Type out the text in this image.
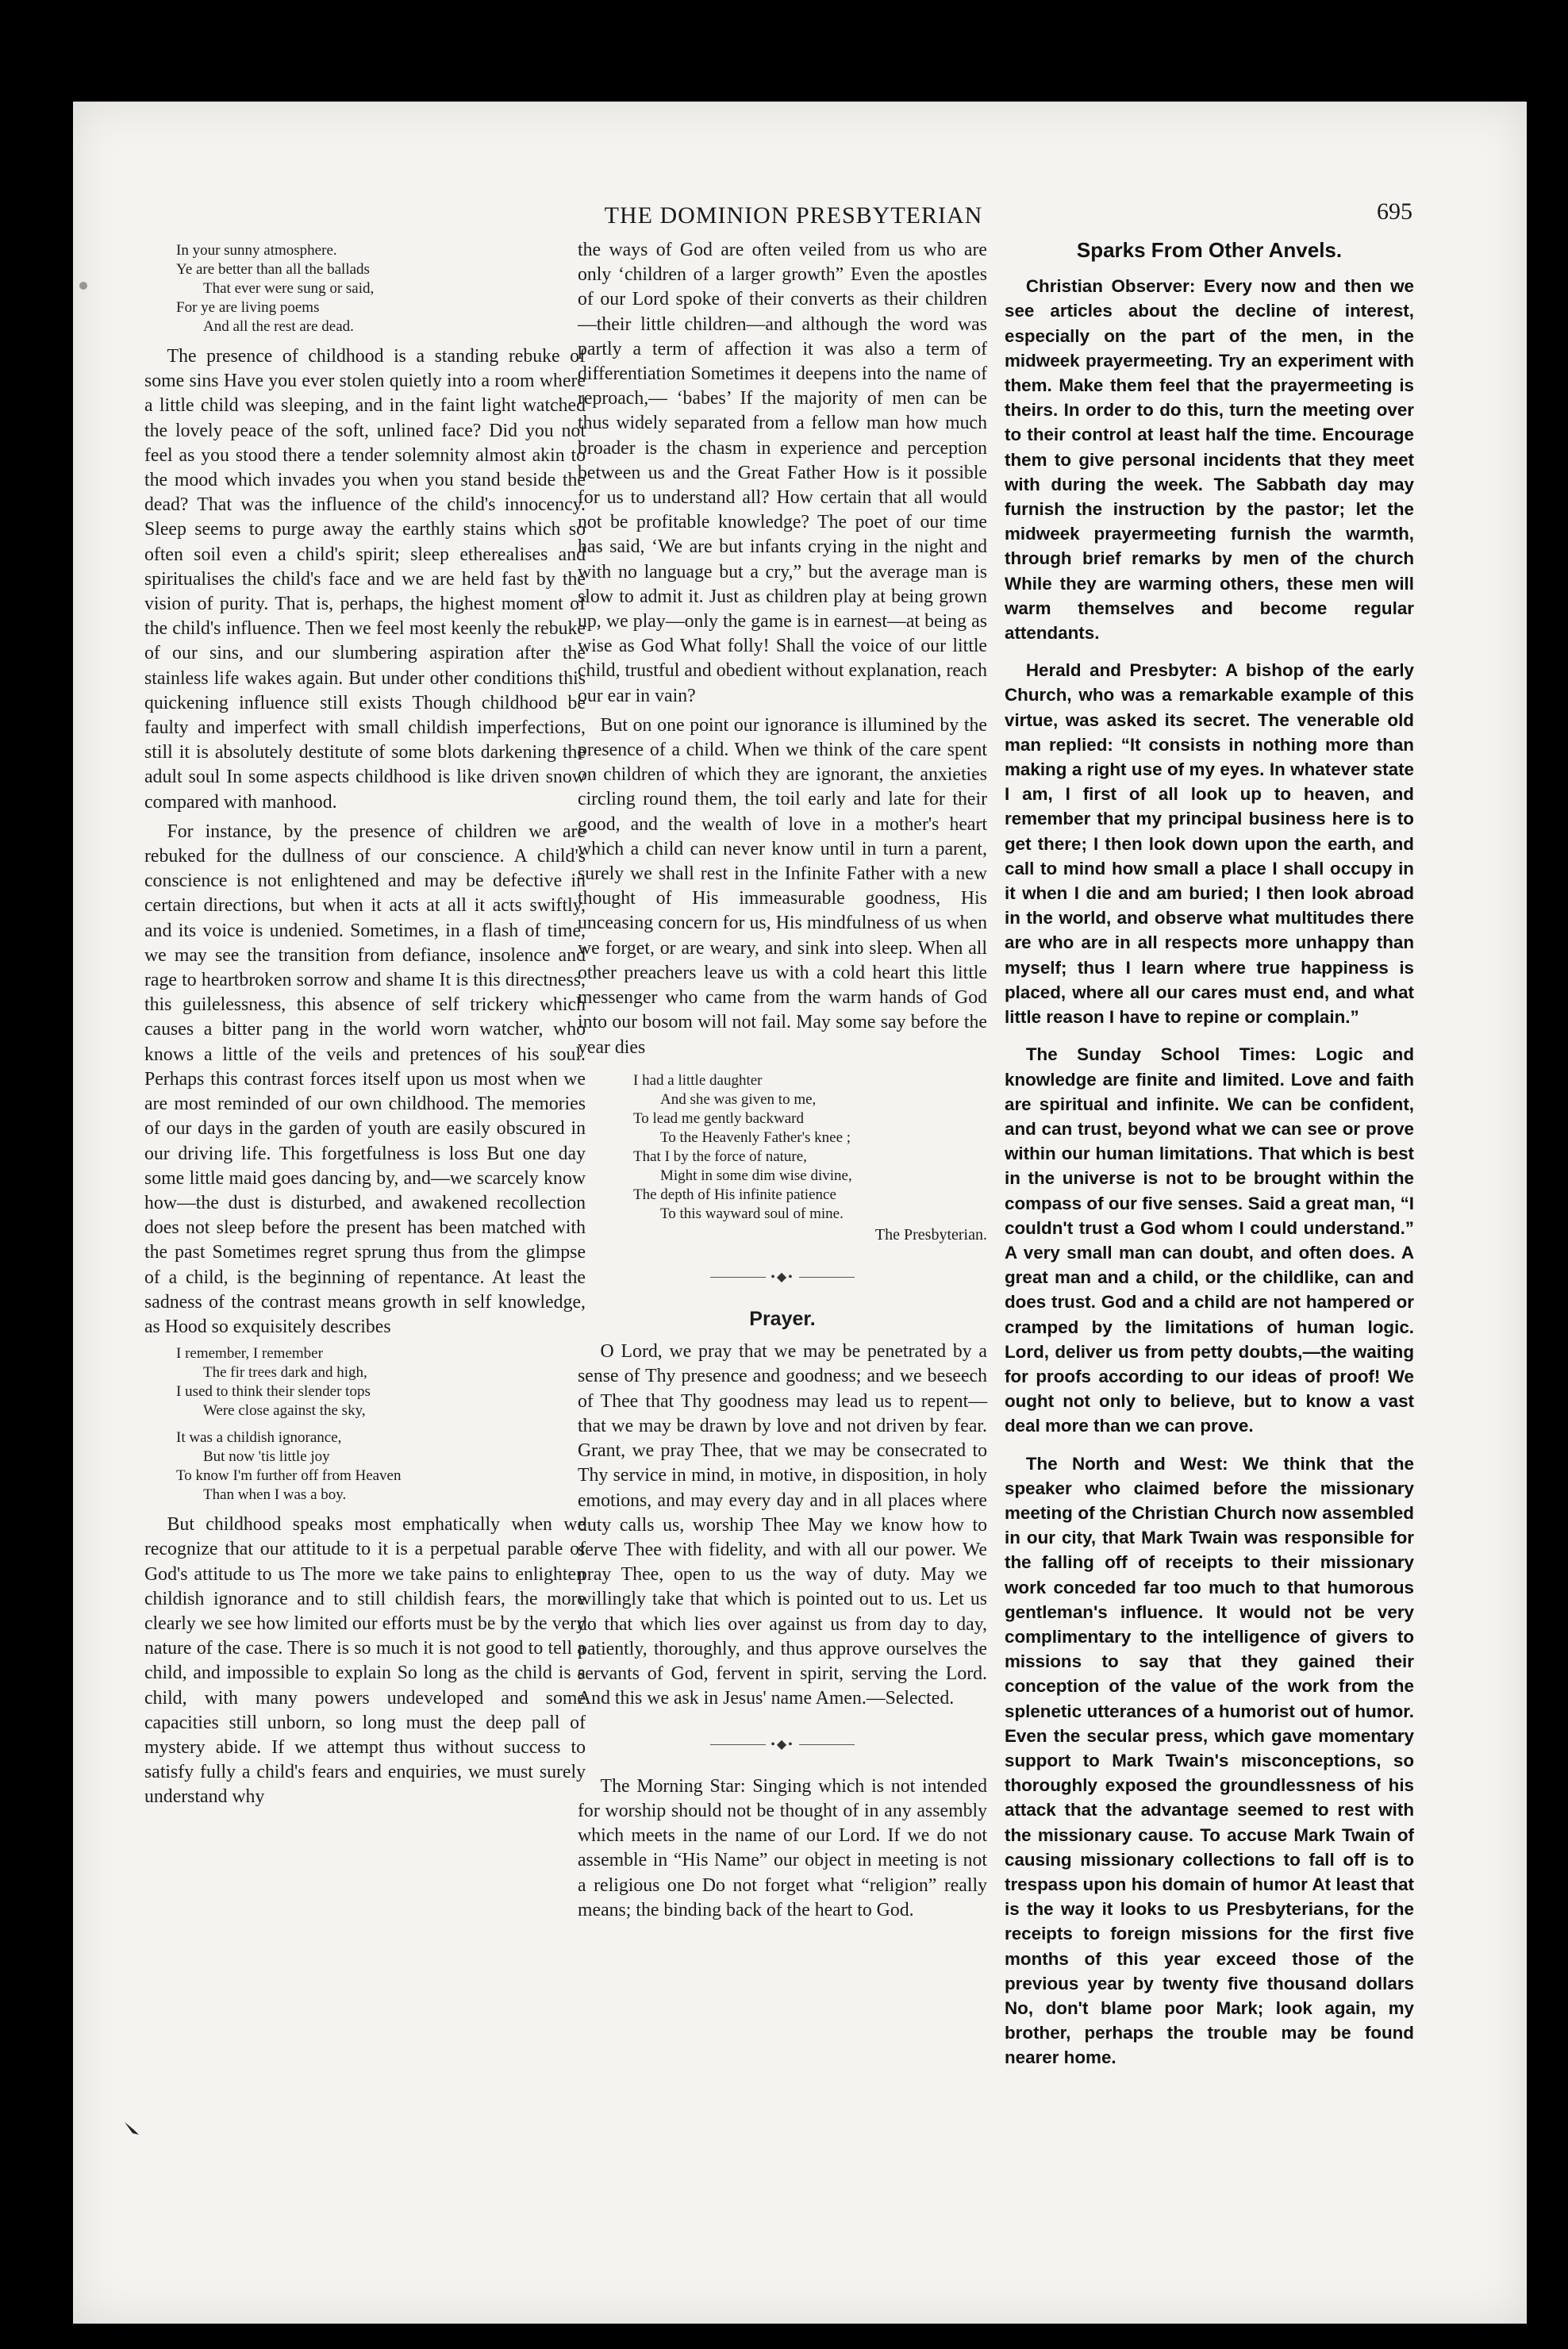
THE DOMINION PRESBYTERIAN	695
In your sunny atmosphere.
Ye are better than all the ballads
That ever were sung or said,
For ye are living poems
And all the rest are dead.

The presence of childhood is a standing rebuke of some sins Have you ever stolen quietly into a room where a little child was sleeping, and in the faint light watched the lovely peace of the soft, unlined face? Did you not feel as you stood there a tender solemnity almost akin to the mood which invades you when you stand beside the dead? That was the influence of the child's innocency. Sleep seems to purge away the earthly stains which so often soil even a child's spirit; sleep etherealises and spiritualises the child's face and we are held fast by the vision of purity. That is, perhaps, the highest moment of the child's influence. Then we feel most keenly the rebuke of our sins, and our slumbering aspiration after the stainless life wakes again. But under other conditions this quickening influence still exists Though childhood be faulty and imperfect with small childish imperfections, still it is absolutely destitute of some blots darkening the adult soul In some aspects childhood is like driven snow compared with manhood.

For instance, by the presence of children we are rebuked for the dullness of our conscience. A child's conscience is not enlightened and may be defective in certain directions, but when it acts at all it acts swiftly, and its voice is undenied. Sometimes, in a flash of time, we may see the transition from defiance, insolence and rage to heartbroken sorrow and shame It is this directness, this guilelessness, this absence of self trickery which causes a bitter pang in the world worn watcher, who knows a little of the veils and pretences of his soul. Perhaps this contrast forces itself upon us most when we are most reminded of our own childhood. The memories of our days in the garden of youth are easily obscured in our driving life. This forgetfulness is loss But one day some little maid goes dancing by, and—we scarcely know how—the dust is disturbed, and awakened recollection does not sleep before the present has been matched with the past Sometimes regret sprung thus from the glimpse of a child, is the beginning of repentance. At least the sadness of the contrast means growth in self knowledge, as Hood so exquisitely describes

I remember, I remember
The fir trees dark and high,
I used to think their slender tops
Were close against the sky,
It was a childish ignorance,
But now 'tis little joy
To know I'm further off from Heaven
Than when I was a boy.

But childhood speaks most emphatically when we recognize that our attitude to it is a perpetual parable of God's attitude to us The more we take pains to enlighten childish ignorance and to still childish fears, the more clearly we see how limited our efforts must be by the very nature of the case. There is so much it is not good to tell a child, and impossible to explain So long as the child is a child, with many powers undeveloped and some capacities still unborn, so long must the deep pall of mystery abide. If we attempt thus without success to satisfy fully a child's fears and enquiries, we must surely understand why

the ways of God are often veiled from us who are only ‘children of a larger growth” Even the apostles of our Lord spoke of their converts as their children —their little children—and although the word was partly a term of affection it was also a term of differentiation Sometimes it deepens into the name of reproach,— ‘babes’ If the majority of men can be thus widely separated from a fellow man how much broader is the chasm in experience and perception between us and the Great Father How is it possible for us to understand all? How certain that all would not be profitable knowledge? The poet of our time has said, ‘We are but infants crying in the night and with no language but a cry,” but the average man is slow to admit it. Just as children play at being grown up, we play—only the game is in earnest—at being as wise as God What folly! Shall the voice of our little child, trustful and obedient without explanation, reach our ear in vain?

But on one point our ignorance is illumined by the presence of a child. When we think of the care spent on children of which they are ignorant, the anxieties circling round them, the toil early and late for their good, and the wealth of love in a mother's heart which a child can never know until in turn a parent, surely we shall rest in the Infinite Father with a new thought of His immeasurable goodness, His unceasing concern for us, His mindfulness of us when we forget, or are weary, and sink into sleep. When all other preachers leave us with a cold heart this little messenger who came from the warm hands of God into our bosom will not fail. May some say before the year dies

I had a little daughter
And she was given to me,
To lead me gently backward
To the Heavenly Father's knee ;
That I by the force of nature,
Might in some dim wise divine,
The depth of His infinite patience
To this wayward soul of mine.
The Presbyterian.
•◆•
Prayer.

O Lord, we pray that we may be penetrated by a sense of Thy presence and goodness; and we beseech of Thee that Thy goodness may lead us to repent—that we may be drawn by love and not driven by fear. Grant, we pray Thee, that we may be consecrated to Thy service in mind, in motive, in disposition, in holy emotions, and may every day and in all places where duty calls us, worship Thee May we know how to serve Thee with fidelity, and with all our power. We pray Thee, open to us the way of duty. May we willingly take that which is pointed out to us. Let us do that which lies over against us from day to day, patiently, thoroughly, and thus approve ourselves the servants of God, fervent in spirit, serving the Lord. And this we ask in Jesus' name Amen.—Selected.

•◆•

The Morning Star: Singing which is not intended for worship should not be thought of in any assembly which meets in the name of our Lord. If we do not assemble in “His Name” our object in meeting is not a religious one Do not forget what “religion” really means; the binding back of the heart to God.

Sparks From Other Anvels.

Christian Observer: Every now and then we see articles about the decline of interest, especially on the part of the men, in the midweek prayermeeting. Try an experiment with them. Make them feel that the prayermeeting is theirs. In order to do this, turn the meeting over to their control at least half the time. Encourage them to give personal incidents that they meet with during the week. The Sabbath day may furnish the instruction by the pastor; let the midweek prayermeeting furnish the warmth, through brief remarks by men of the church While they are warming others, these men will warm themselves and become regular attendants.

Herald and Presbyter: A bishop of the early Church, who was a remarkable example of this virtue, was asked its secret. The venerable old man replied: “It consists in nothing more than making a right use of my eyes. In whatever state I am, I first of all look up to heaven, and remember that my principal business here is to get there; I then look down upon the earth, and call to mind how small a place I shall occupy in it when I die and am buried; I then look abroad in the world, and observe what multitudes there are who are in all respects more unhappy than myself; thus I learn where true happiness is placed, where all our cares must end, and what little reason I have to repine or complain.”

The Sunday School Times: Logic and knowledge are finite and limited. Love and faith are spiritual and infinite. We can be confident, and can trust, beyond what we can see or prove within our human limitations. That which is best in the universe is not to be brought within the compass of our five senses. Said a great man, “I couldn't trust a God whom I could understand.” A very small man can doubt, and often does. A great man and a child, or the childlike, can and does trust. God and a child are not hampered or cramped by the limitations of human logic. Lord, deliver us from petty doubts,—the waiting for proofs according to our ideas of proof! We ought not only to believe, but to know a vast deal more than we can prove.

The North and West: We think that the speaker who claimed before the missionary meeting of the Christian Church now assembled in our city, that Mark Twain was responsible for the falling off of receipts to their missionary work conceded far too much to that humorous gentleman's influence. It would not be very complimentary to the intelligence of givers to missions to say that they gained their conception of the value of the work from the splenetic utterances of a humorist out of humor. Even the secular press, which gave momentary support to Mark Twain's misconceptions, so thoroughly exposed the groundlessness of his attack that the advantage seemed to rest with the missionary cause. To accuse Mark Twain of causing missionary collections to fall off is to trespass upon his domain of humor At least that is the way it looks to us Presbyterians, for the receipts to foreign missions for the first five months of this year exceed those of the previous year by twenty five thousand dollars No, don't blame poor Mark; look again, my brother, perhaps the trouble may be found nearer home.
